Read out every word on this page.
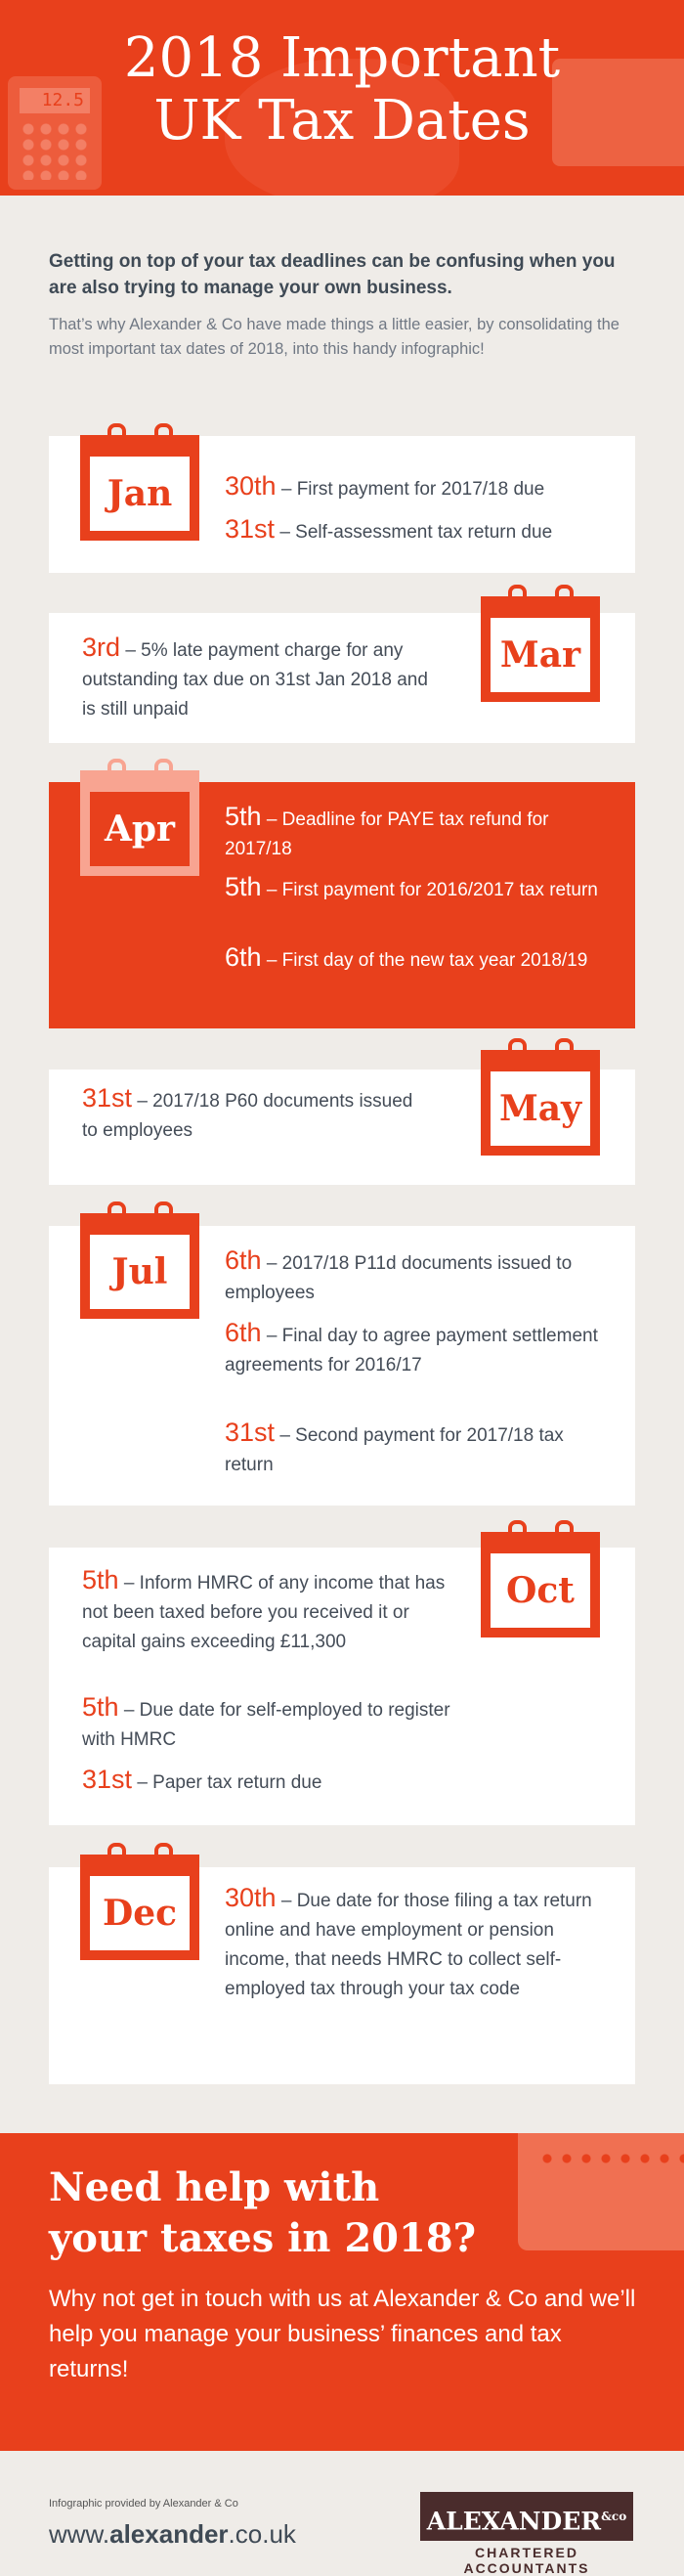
12.5
2018 Important
UK Tax Dates

Getting on top of your tax deadlines can be confusing when you are also trying to manage your own business.

That’s why Alexander & Co have made things a little easier, by consolidating the most important tax dates of 2018, into this handy infographic!

Jan	30th – First payment for 2017/18 due
31st – Self-assessment tax return due
Mar
3rd – 5% late payment charge for any outstanding tax due on 31st Jan 2018 and is still unpaid
Apr	5th – Deadline for PAYE tax refund for 2017/18
5th – First payment for 2016/2017 tax return
6th – First day of the new tax year 2018/19
May
31st – 2017/18 P60 documents issued to employees
Jul	6th – 2017/18 P11d documents issued to employees
6th – Final day to agree payment settlement agreements for 2016/17
31st – Second payment for 2017/18 tax return
Oct
5th – Inform HMRC of any income that has not been taxed before you received it or capital gains exceeding £11,300
5th – Due date for self-employed to register with HMRC
31st – Paper tax return due
Dec	30th – Due date for those filing a tax return online and have employment or pension income, that needs HMRC to collect self-employed tax through your tax code
Need help with
your taxes in 2018?

Why not get in touch with us at Alexander & Co and we’ll help you manage your business’ finances and tax returns!

Infographic provided by Alexander & Co
www.alexander.co.uk	$ALEXANDER^{\&co}$
CHARTERED ACCOUNTANTS
